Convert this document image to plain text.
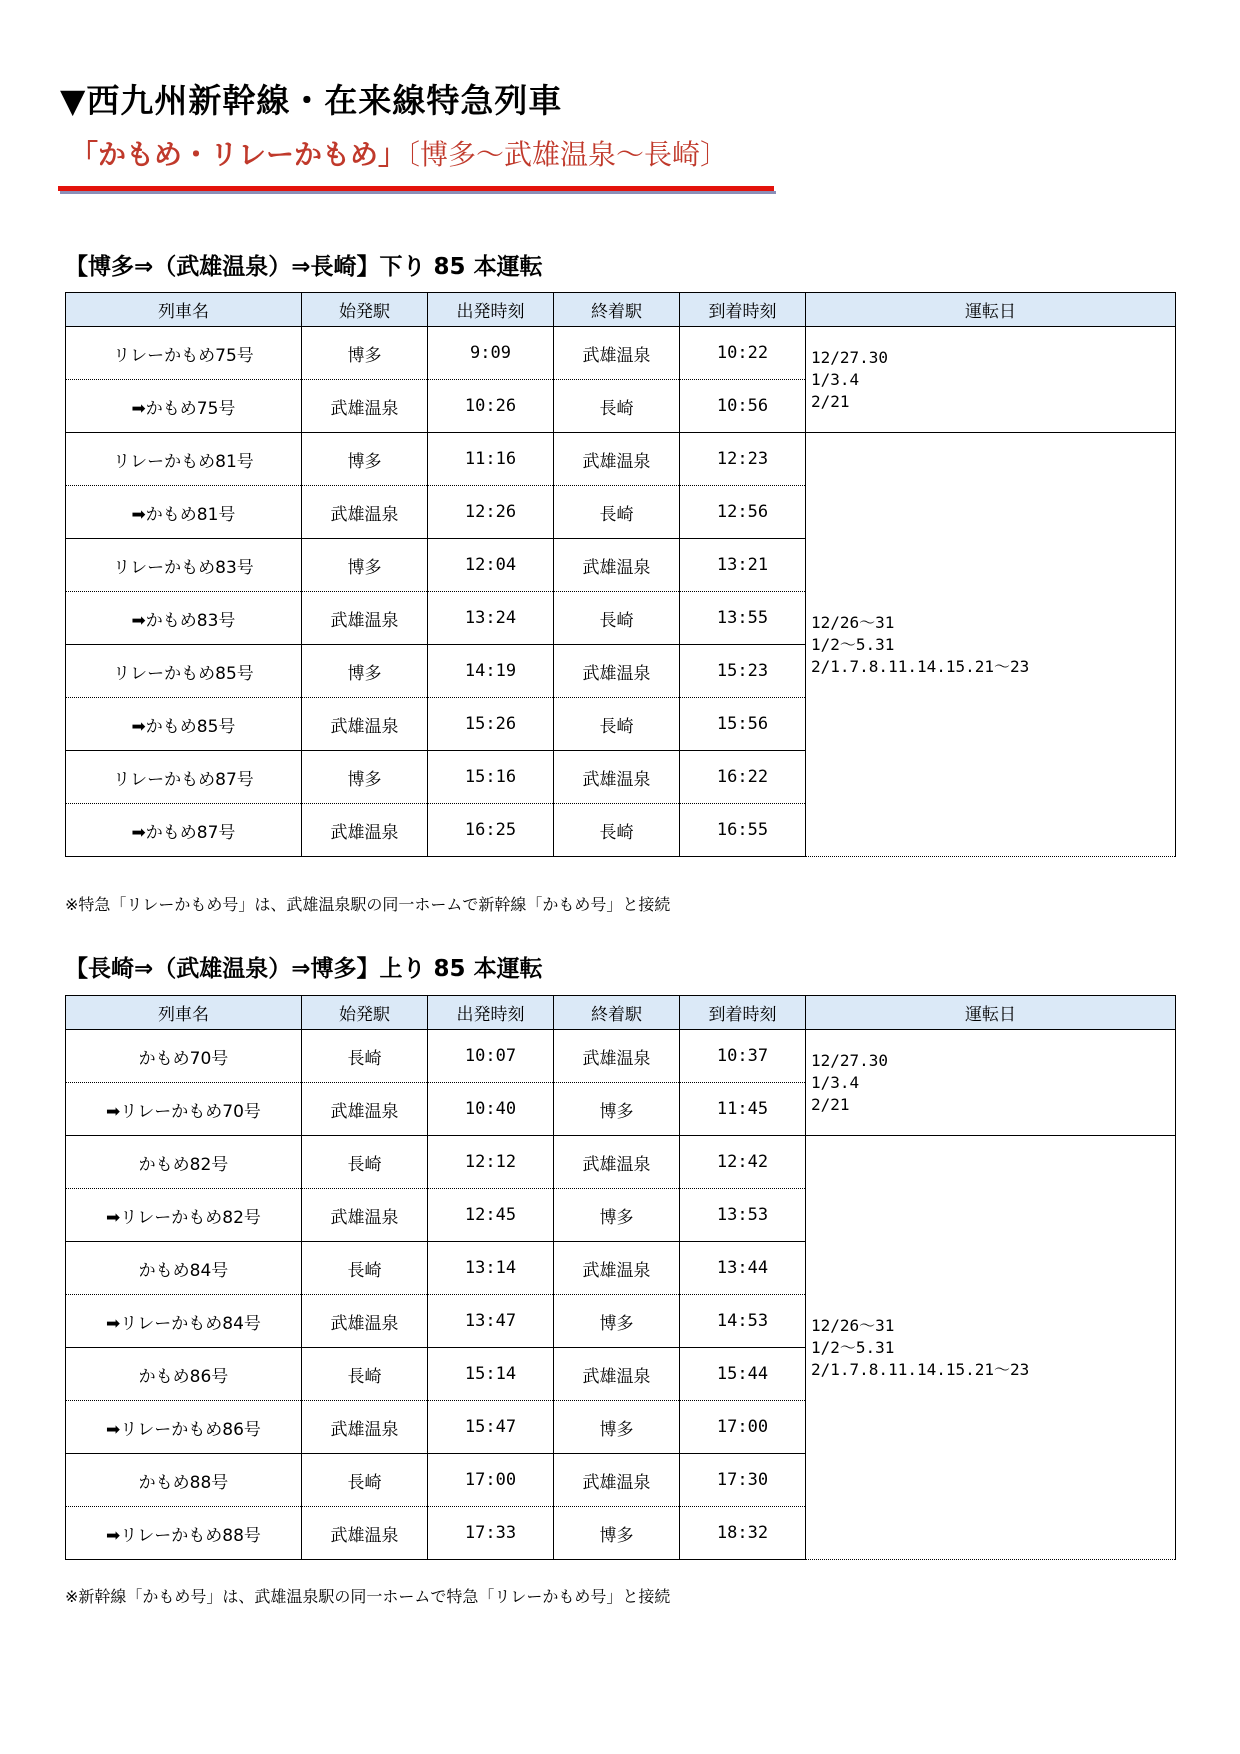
▼西九州新幹線・在来線特急列車
「かもめ・リレーかもめ」〔博多〜武雄温泉〜長崎〕
【博多⇒（武雄温泉）⇒長崎】下り 85 本運転
列車名	始発駅	出発時刻	終着駅	到着時刻	運転日
リレーかもめ75号	博多	9:09	武雄温泉	10:22	12/27.30
1/3.4
2/21

➡かもめ75号	武雄温泉	10:26	長崎	10:56	
リレーかもめ81号	博多	11:16	武雄温泉	12:23	12/26〜31
1/2〜5.31
2/1.7.8.11.14.15.21〜23

➡かもめ81号	武雄温泉	12:26	長崎	12:56	
リレーかもめ83号	博多	12:04	武雄温泉	13:21	
➡かもめ83号	武雄温泉	13:24	長崎	13:55	
リレーかもめ85号	博多	14:19	武雄温泉	15:23	
➡かもめ85号	武雄温泉	15:26	長崎	15:56	
リレーかもめ87号	博多	15:16	武雄温泉	16:22	
➡かもめ87号	武雄温泉	16:25	長崎	16:55	
※特急「リレーかもめ号」は、武雄温泉駅の同一ホームで新幹線「かもめ号」と接続
【長崎⇒（武雄温泉）⇒博多】上り 85 本運転
列車名	始発駅	出発時刻	終着駅	到着時刻	運転日
かもめ70号	長崎	10:07	武雄温泉	10:37	12/27.30
1/3.4
2/21

➡リレーかもめ70号	武雄温泉	10:40	博多	11:45	
かもめ82号	長崎	12:12	武雄温泉	12:42	12/26〜31
1/2〜5.31
2/1.7.8.11.14.15.21〜23

➡リレーかもめ82号	武雄温泉	12:45	博多	13:53	
かもめ84号	長崎	13:14	武雄温泉	13:44	
➡リレーかもめ84号	武雄温泉	13:47	博多	14:53	
かもめ86号	長崎	15:14	武雄温泉	15:44	
➡リレーかもめ86号	武雄温泉	15:47	博多	17:00	
かもめ88号	長崎	17:00	武雄温泉	17:30	
➡リレーかもめ88号	武雄温泉	17:33	博多	18:32	
※新幹線「かもめ号」は、武雄温泉駅の同一ホームで特急「リレーかもめ号」と接続
